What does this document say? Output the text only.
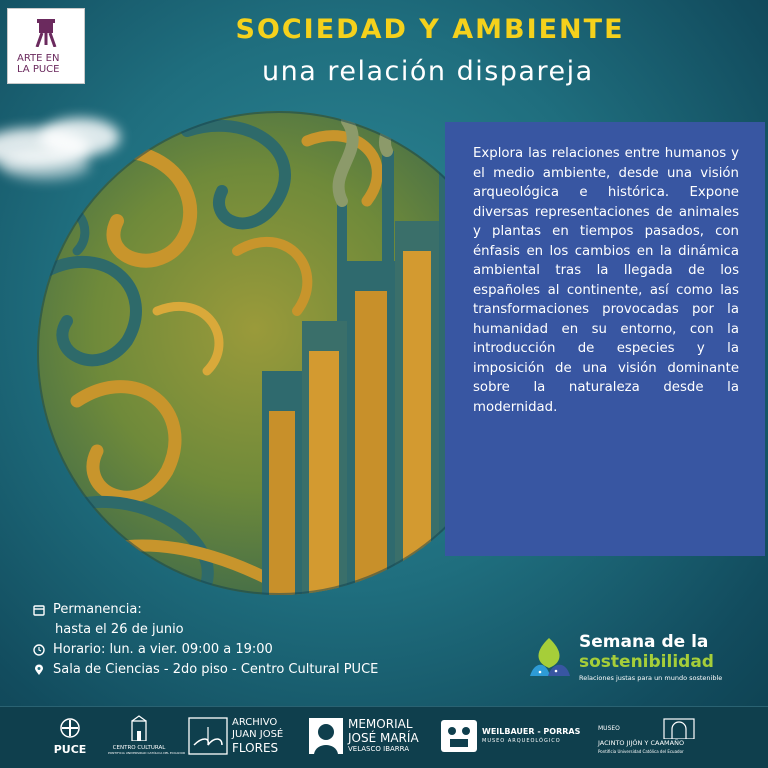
ARTE EN LA PUCE
SOCIEDAD Y AMBIENTE
una relación dispareja

Explora las relaciones entre humanos y el medio ambiente, desde una visión arqueológica e histórica. Expone diversas representaciones de animales y plantas en tiempos pasados, con énfasis en los cambios en la dinámica ambiental tras la llegada de los españoles al continente, así como las transformaciones provocadas por la humanidad en su entorno, con la introducción de especies y la imposición de una visión dominante sobre la naturaleza desde la modernidad.

Permanencia:
hasta el 26 de junio
Horario: lun. a vier. 09:00 a 19:00
Sala de Ciencias - 2do piso - Centro Cultural PUCE
Semana de la
sostenibilidad
Relaciones justas para un mundo sostenible
PUCE	CENTRO CULTURAL
PONTIFICIA UNIVERSIDAD CATÓLICA DEL ECUADOR
ARCHIVO
JUAN JOSÉ
FLORES
MEMORIAL
JOSÉ MARÍA
VELASCO IBARRA
WEILBAUER - PORRAS
MUSEO ARQUEOLÓGICO
MUSEO
JACINTO JIJÓN Y CAAMAÑO
Pontificia Universidad Católica del Ecuador
